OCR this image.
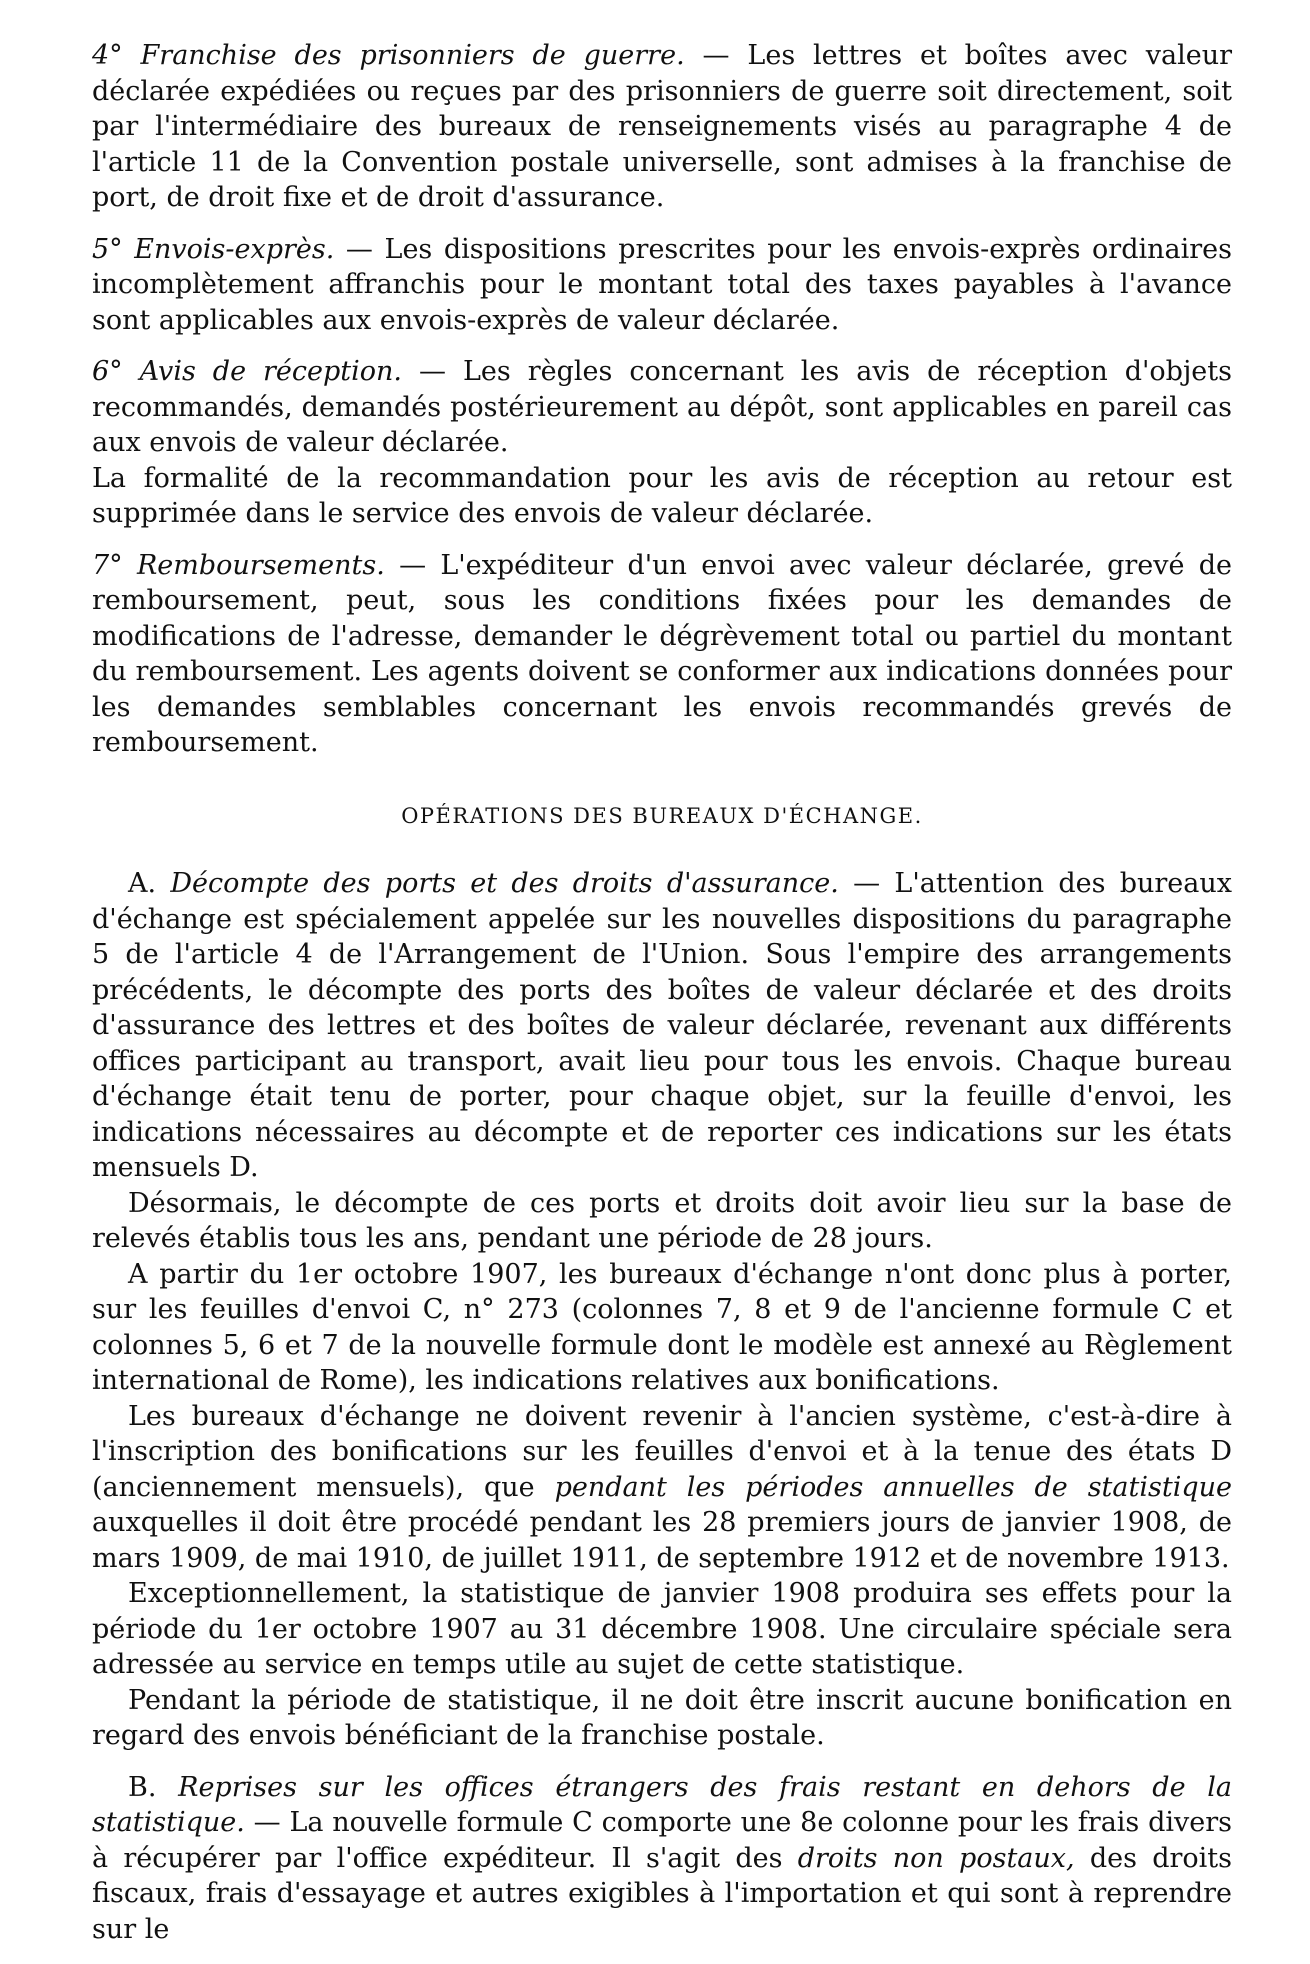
4° Franchise des prisonniers de guerre. — Les lettres et boîtes avec valeur déclarée expédiées ou reçues par des prisonniers de guerre soit directement, soit par l'intermédiaire des bureaux de renseignements visés au paragraphe 4 de l'article 11 de la Convention postale universelle, sont admises à la franchise de port, de droit fixe et de droit d'assurance.

5° Envois-exprès. — Les dispositions prescrites pour les envois-exprès ordinaires incomplètement affranchis pour le montant total des taxes payables à l'avance sont applicables aux envois-exprès de valeur déclarée.

6° Avis de réception. — Les règles concernant les avis de réception d'objets recommandés, demandés postérieurement au dépôt, sont applicables en pareil cas aux envois de valeur déclarée.

La formalité de la recommandation pour les avis de réception au retour est supprimée dans le service des envois de valeur déclarée.

7° Remboursements. — L'expéditeur d'un envoi avec valeur déclarée, grevé de remboursement, peut, sous les conditions fixées pour les demandes de modifications de l'adresse, demander le dégrèvement total ou partiel du montant du remboursement. Les agents doivent se conformer aux indications données pour les demandes semblables concernant les envois recommandés grevés de remboursement.

OPÉRATIONS DES BUREAUX D'ÉCHANGE.

A. Décompte des ports et des droits d'assurance. — L'attention des bureaux d'échange est spécialement appelée sur les nouvelles dispositions du paragraphe 5 de l'article 4 de l'Arrangement de l'Union. Sous l'empire des arrangements précédents, le décompte des ports des boîtes de valeur déclarée et des droits d'assurance des lettres et des boîtes de valeur déclarée, revenant aux différents offices participant au transport, avait lieu pour tous les envois. Chaque bureau d'échange était tenu de porter, pour chaque objet, sur la feuille d'envoi, les indications nécessaires au décompte et de reporter ces indications sur les états mensuels D.

Désormais, le décompte de ces ports et droits doit avoir lieu sur la base de relevés établis tous les ans, pendant une période de 28 jours.

A partir du 1er octobre 1907, les bureaux d'échange n'ont donc plus à porter, sur les feuilles d'envoi C, n° 273 (colonnes 7, 8 et 9 de l'ancienne formule C et colonnes 5, 6 et 7 de la nouvelle formule dont le modèle est annexé au Règlement international de Rome), les indications relatives aux bonifications.

Les bureaux d'échange ne doivent revenir à l'ancien système, c'est-à-dire à l'inscription des bonifications sur les feuilles d'envoi et à la tenue des états D (anciennement mensuels), que pendant les périodes annuelles de statistique auxquelles il doit être procédé pendant les 28 premiers jours de janvier 1908, de mars 1909, de mai 1910, de juillet 1911, de septembre 1912 et de novembre 1913.

Exceptionnellement, la statistique de janvier 1908 produira ses effets pour la période du 1er octobre 1907 au 31 décembre 1908. Une circulaire spéciale sera adressée au service en temps utile au sujet de cette statistique.

Pendant la période de statistique, il ne doit être inscrit aucune bonification en regard des envois bénéficiant de la franchise postale.

B. Reprises sur les offices étrangers des frais restant en dehors de la statistique. — La nouvelle formule C comporte une 8e colonne pour les frais divers à récupérer par l'office expéditeur. Il s'agit des droits non postaux, des droits fiscaux, frais d'essayage et autres exigibles à l'importation et qui sont à reprendre sur le
